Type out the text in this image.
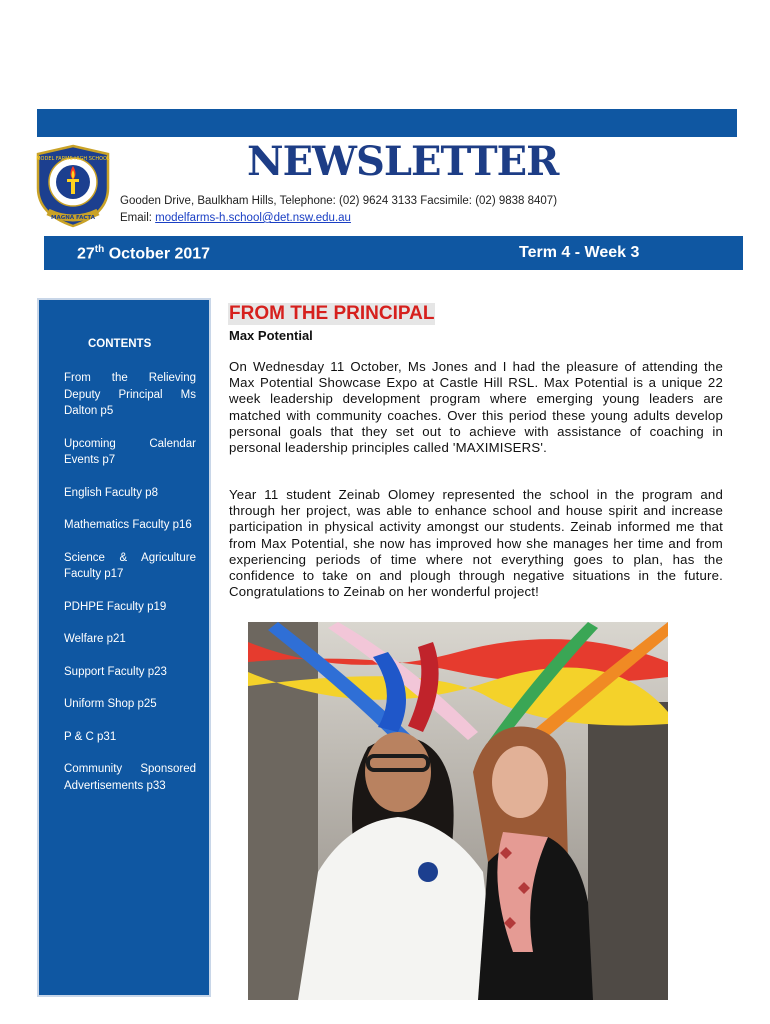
MODEL FARMS HIGH SCHOOL
MAGNA FACTA
NEWSLETTER
Gooden Drive, Baulkham Hills, Telephone: (02) 9624 3133 Facsimile: (02) 9838 8407)
Email: modelfarms-h.school@det.nsw.edu.au
27th October 2017	Term 4 - Week 3
CONTENTS
From the Relieving Deputy Principal Ms Dalton p5
Upcoming Calendar Events p7
English Faculty p8
Mathematics Faculty p16
Science & Agriculture Faculty p17
PDHPE Faculty p19
Welfare p21
Support Faculty p23
Uniform Shop p25
P & C p31
Community Sponsored Advertisements p33
FROM THE PRINCIPAL
Max Potential
On Wednesday 11 October, Ms Jones and I had the pleasure of attending the Max Potential Showcase Expo at Castle Hill RSL. Max Potential is a unique 22 week leadership development program where emerging young leaders are matched with community coaches. Over this period these young adults develop personal goals that they set out to achieve with assistance of coaching in personal leadership principles called 'MAXIMISERS'.
Year 11 student Zeinab Olomey represented the school in the program and through her project, was able to enhance school and house spirit and increase participation in physical activity amongst our students. Zeinab informed me that from Max Potential, she now has improved how she manages her time and from experiencing periods of time where not everything goes to plan, has the confidence to take on and plough through negative situations in the future. Congratulations to Zeinab on her wonderful project!
